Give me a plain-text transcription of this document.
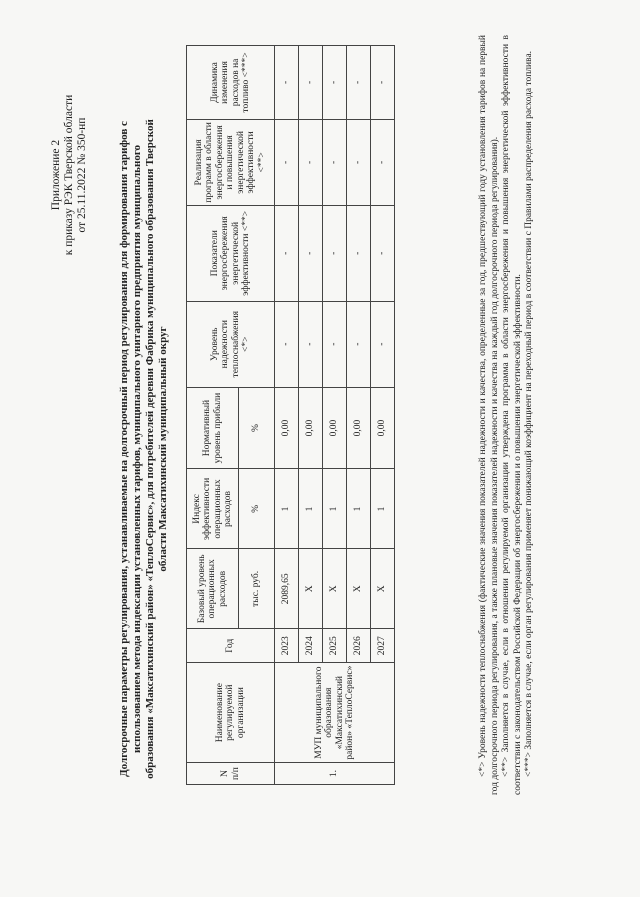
Приложение 2 к приказу РЭК Тверской области от 25.11.2022 № 350-нп	Долгосрочные параметры регулирования, устанавливаемые на долгосрочный период регулирования для формирования тарифов с использованием метода индексации установленных тарифов, муниципального унитарного предприятия муниципального образования «Максатихинский район» «ТеплоСервис», для потребителей деревни Фабрика муниципального образования Тверской области Максатихинский муниципальный округ
N п/п	Наименование регулируемой организации	Год	Базовый уровень операционных расходов	Индекс эффективности операционных расходов	Нормативный уровень прибыли	Уровень надежности теплоснабжения <*>	Показатели энергосбережения энергетической эффективности <**>	Реализация программ в области энергосбережения и повышения энергетической эффективности <**>	Динамика изменения расходов на топливо <***>
			тыс. руб.	%	%				
1.	МУП муниципального образования «Максатихинский район» «ТеплоСервис»	2023	2089,65	1	0,00	-	-	-	-
		2024	X	1	0,00	-	-	-	-
		2025	X	1	0,00	-	-	-	-
		2026	X	1	0,00	-	-	-	-
		2027	X	1	0,00	-	-	-	-	<*> Уровень надежности теплоснабжения (фактические значения показателей надежности и качества, определенные за год, предшествующий году установления тарифов на первый год долгосрочного периода регулирования, а также плановые значения показателей надежности и качества на каждый год долгосрочного периода регулирования). <**> Заполняется в случае, если в отношении регулируемой организации утверждена программа в области энергосбережения и повышения энергетической эффективности в соответствии с законодательством Российской Федерации об энергосбережении и о повышении энергетической эффективности. <***> Заполняется в случае, если орган регулирования применяет понижающий коэффициент на переходный период в соответствии с Правилами распределения расхода топлива.
